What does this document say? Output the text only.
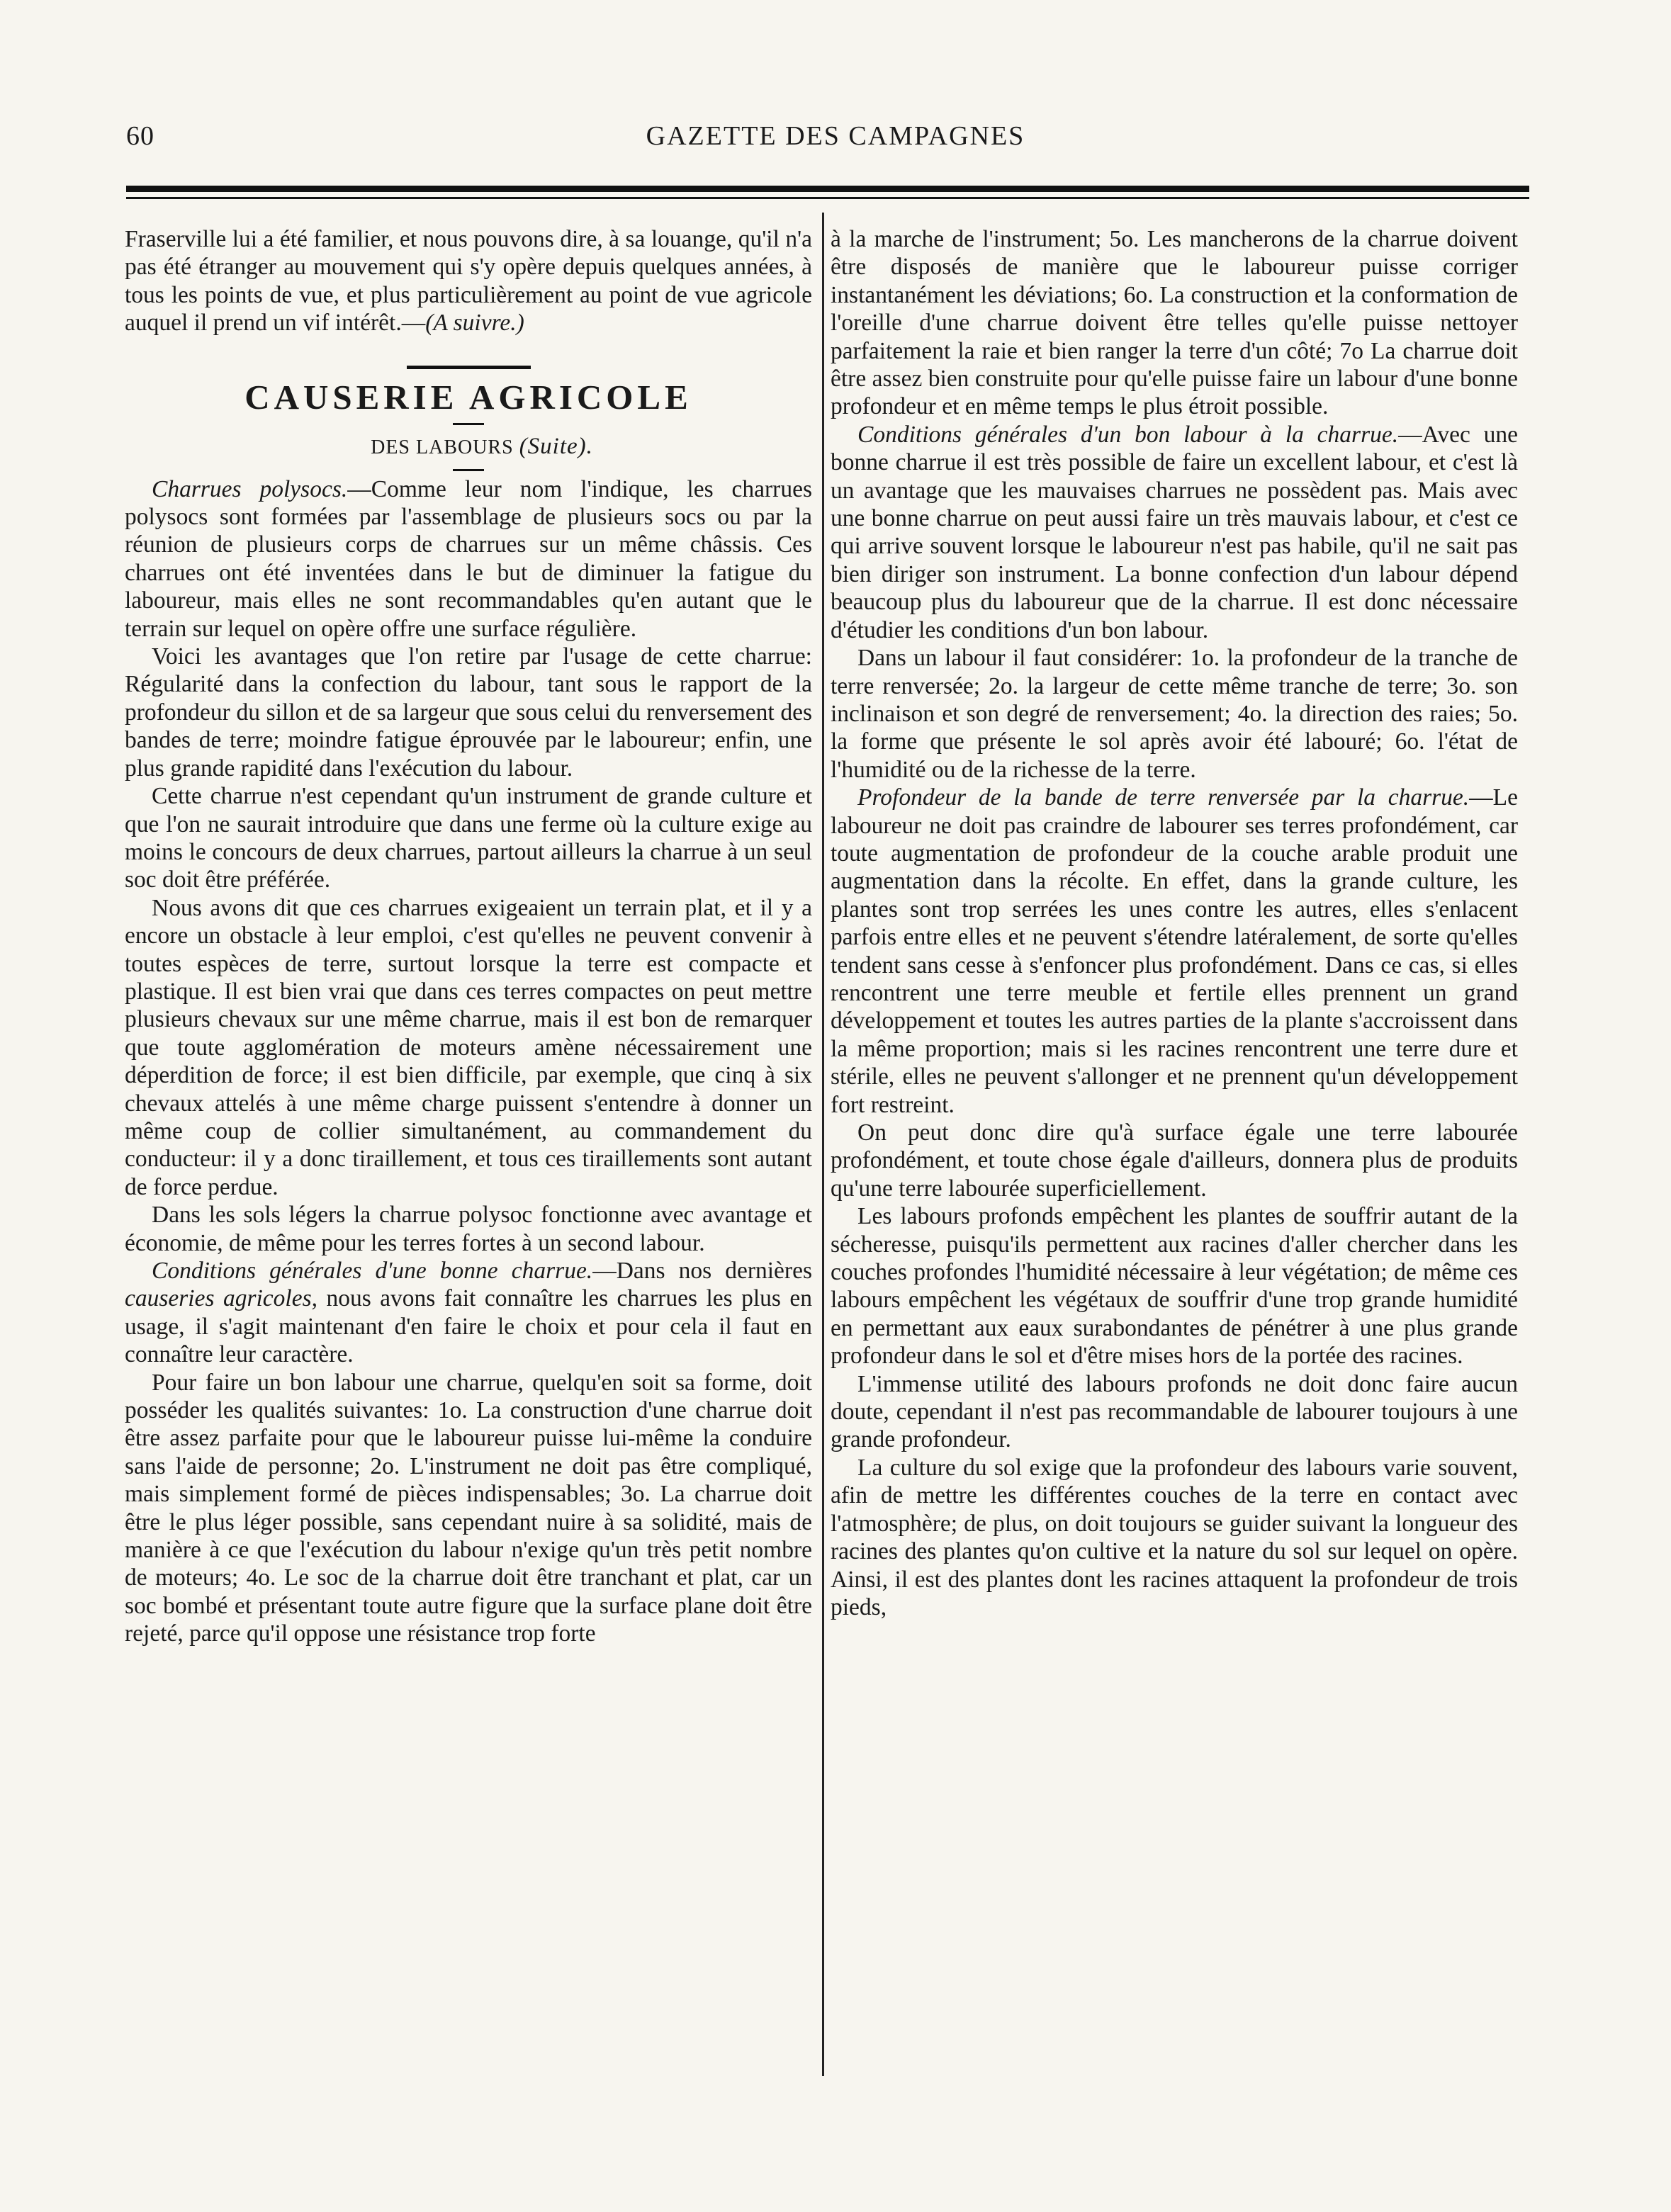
60	GAZETTE DES CAMPAGNES

Fraserville lui a été familier, et nous pouvons dire, à sa louange, qu'il n'a pas été étranger au mouvement qui s'y opère depuis quelques années, à tous les points de vue, et plus particulièrement au point de vue agricole auquel il prend un vif intérêt.—(A suivre.)

CAUSERIE AGRICOLE

DES LABOURS (Suite).

Charrues polysocs.—Comme leur nom l'indique, les charrues polysocs sont formées par l'assemblage de plusieurs socs ou par la réunion de plusieurs corps de charrues sur un même châssis. Ces charrues ont été inventées dans le but de diminuer la fatigue du laboureur, mais elles ne sont recommandables qu'en autant que le terrain sur lequel on opère offre une surface régulière.

Voici les avantages que l'on retire par l'usage de cette charrue: Régularité dans la confection du labour, tant sous le rapport de la profondeur du sillon et de sa largeur que sous celui du renversement des bandes de terre; moindre fatigue éprouvée par le laboureur; enfin, une plus grande rapidité dans l'exécution du labour.

Cette charrue n'est cependant qu'un instrument de grande culture et que l'on ne saurait introduire que dans une ferme où la culture exige au moins le concours de deux charrues, partout ailleurs la charrue à un seul soc doit être préférée.

Nous avons dit que ces charrues exigeaient un terrain plat, et il y a encore un obstacle à leur emploi, c'est qu'elles ne peuvent convenir à toutes espèces de terre, surtout lorsque la terre est compacte et plastique. Il est bien vrai que dans ces terres compactes on peut mettre plusieurs chevaux sur une même charrue, mais il est bon de remarquer que toute agglomération de moteurs amène nécessairement une déperdition de force; il est bien difficile, par exemple, que cinq à six chevaux attelés à une même charge puissent s'entendre à donner un même coup de collier simultanément, au commandement du conducteur: il y a donc tiraillement, et tous ces tiraillements sont autant de force perdue.

Dans les sols légers la charrue polysoc fonctionne avec avantage et économie, de même pour les terres fortes à un second labour.

Conditions générales d'une bonne charrue.—Dans nos dernières causeries agricoles, nous avons fait connaître les charrues les plus en usage, il s'agit maintenant d'en faire le choix et pour cela il faut en connaître leur caractère.

Pour faire un bon labour une charrue, quelqu'en soit sa forme, doit posséder les qualités suivantes: 1o. La construction d'une charrue doit être assez parfaite pour que le laboureur puisse lui-même la conduire sans l'aide de personne; 2o. L'instrument ne doit pas être compliqué, mais simplement formé de pièces indispensables; 3o. La charrue doit être le plus léger possible, sans cependant nuire à sa solidité, mais de manière à ce que l'exécution du labour n'exige qu'un très petit nombre de moteurs; 4o. Le soc de la charrue doit être tranchant et plat, car un soc bombé et présentant toute autre figure que la surface plane doit être rejeté, parce qu'il oppose une résistance trop forte

à la marche de l'instrument; 5o. Les mancherons de la charrue doivent être disposés de manière que le laboureur puisse corriger instantanément les déviations; 6o. La construction et la conformation de l'oreille d'une charrue doivent être telles qu'elle puisse nettoyer parfaitement la raie et bien ranger la terre d'un côté; 7o La charrue doit être assez bien construite pour qu'elle puisse faire un labour d'une bonne profondeur et en même temps le plus étroit possible.

Conditions générales d'un bon labour à la charrue.—Avec une bonne charrue il est très possible de faire un excellent labour, et c'est là un avantage que les mauvaises charrues ne possèdent pas. Mais avec une bonne charrue on peut aussi faire un très mauvais labour, et c'est ce qui arrive souvent lorsque le laboureur n'est pas habile, qu'il ne sait pas bien diriger son instrument. La bonne confection d'un labour dépend beaucoup plus du laboureur que de la charrue. Il est donc nécessaire d'étudier les conditions d'un bon labour.

Dans un labour il faut considérer: 1o. la profondeur de la tranche de terre renversée; 2o. la largeur de cette même tranche de terre; 3o. son inclinaison et son degré de renversement; 4o. la direction des raies; 5o. la forme que présente le sol après avoir été labouré; 6o. l'état de l'humidité ou de la richesse de la terre.

Profondeur de la bande de terre renversée par la charrue.—Le laboureur ne doit pas craindre de labourer ses terres profondément, car toute augmentation de profondeur de la couche arable produit une augmentation dans la récolte. En effet, dans la grande culture, les plantes sont trop serrées les unes contre les autres, elles s'enlacent parfois entre elles et ne peuvent s'étendre latéralement, de sorte qu'elles tendent sans cesse à s'enfoncer plus profondément. Dans ce cas, si elles rencontrent une terre meuble et fertile elles prennent un grand développement et toutes les autres parties de la plante s'accroissent dans la même proportion; mais si les racines rencontrent une terre dure et stérile, elles ne peuvent s'allonger et ne prennent qu'un développement fort restreint.

On peut donc dire qu'à surface égale une terre labourée profondément, et toute chose égale d'ailleurs, donnera plus de produits qu'une terre labourée superficiellement.

Les labours profonds empêchent les plantes de souffrir autant de la sécheresse, puisqu'ils permettent aux racines d'aller chercher dans les couches profondes l'humidité nécessaire à leur végétation; de même ces labours empêchent les végétaux de souffrir d'une trop grande humidité en permettant aux eaux surabondantes de pénétrer à une plus grande profondeur dans le sol et d'être mises hors de la portée des racines.

L'immense utilité des labours profonds ne doit donc faire aucun doute, cependant il n'est pas recommandable de labourer toujours à une grande profondeur.

La culture du sol exige que la profondeur des labours varie souvent, afin de mettre les différentes couches de la terre en contact avec l'atmosphère; de plus, on doit toujours se guider suivant la longueur des racines des plantes qu'on cultive et la nature du sol sur lequel on opère. Ainsi, il est des plantes dont les racines attaquent la profondeur de trois pieds,
